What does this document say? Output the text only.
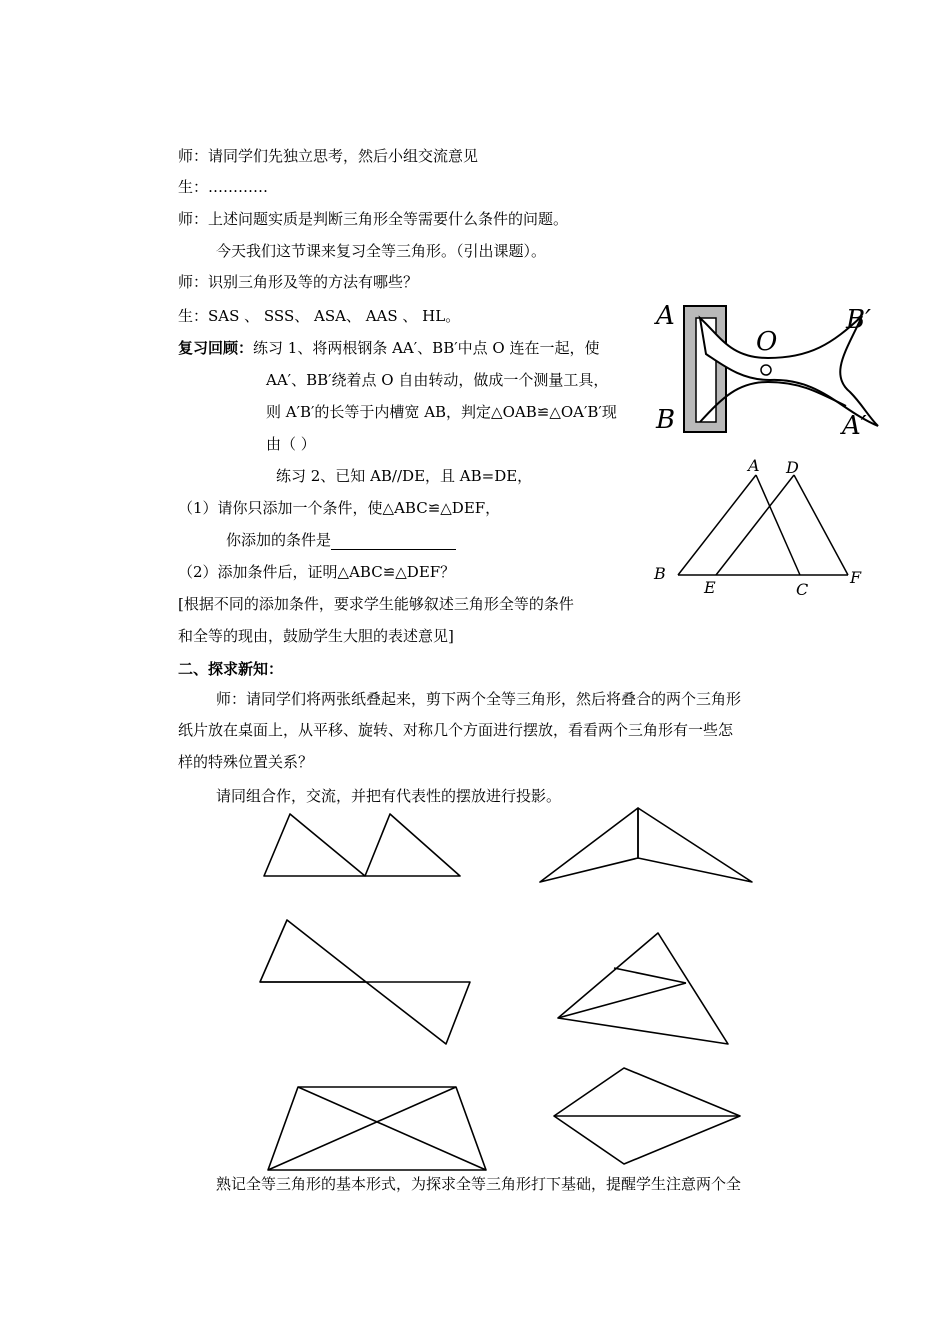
师：请同学们先独立思考，然后小组交流意见
生：…………
师：上述问题实质是判断三角形全等需要什么条件的问题。
今天我们这节课来复习全等三角形。（引出课题）。
师：识别三角形及等的方法有哪些？
生：SAS 、 SSS、 ASA、 AAS 、 HL。
复习回顾：练习 1、将两根钢条 AA′、BB′中点 O 连在一起，使
AA′、BB′绕着点 O 自由转动，做成一个测量工具，
则 A′B′的长等于内槽宽 AB，判定△OAB≌△OA′B′现
由（ ）
练习 2、已知 AB//DE，且 AB=DE，
（1）请你只添加一个条件，使△ABC≌△DEF，
你添加的条件是
（2）添加条件后，证明△ABC≌△DEF？
[根据不同的添加条件，要求学生能够叙述三角形全等的条件
和全等的现由，鼓励学生大胆的表述意见]
二、探求新知：
师：请同学们将两张纸叠起来，剪下两个全等三角形，然后将叠合的两个三角形
纸片放在桌面上，从平移、旋转、对称几个方面进行摆放，看看两个三角形有一些怎
样的特殊位置关系？
请同组合作，交流，并把有代表性的摆放进行投影。
熟记全等三角形的基本形式，为探求全等三角形打下基础，提醒学生注意两个全
A
B
O
B′
A′
A D
B
E	C
F
